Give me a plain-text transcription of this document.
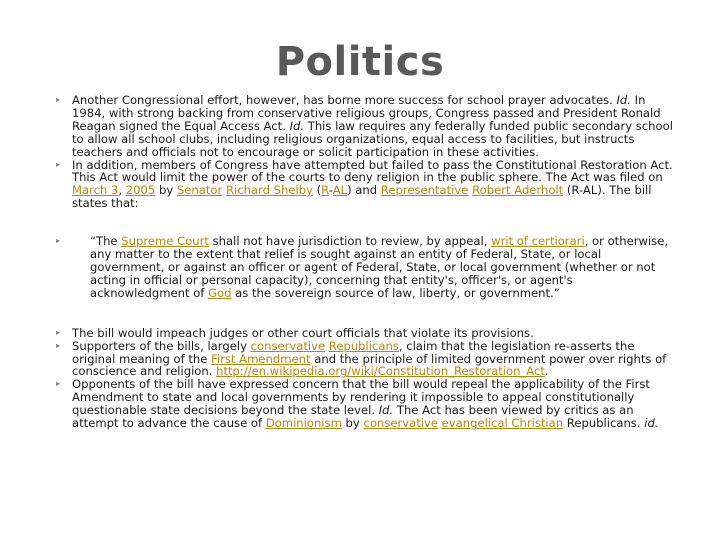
Politics
▸ Another Congressional effort, however, has borne more success for school prayer advocates. Id. In 1984, with strong backing from conservative religious groups, Congress passed and President Ronald Reagan signed the Equal Access Act. Id. This law requires any federally funded public secondary school to allow all school clubs, including religious organizations, equal access to facilities, but instructs teachers and officials not to encourage or solicit participation in these activities.
▸ In addition, members of Congress have attempted but failed to pass the Constitutional Restoration Act. This Act would limit the power of the courts to deny religion in the public sphere. The Act was filed on March 3, 2005 by Senator Richard Shelby (R-AL) and Representative Robert Aderholt (R-AL). The bill states that:
▸ “The Supreme Court shall not have jurisdiction to review, by appeal, writ of certiorari, or otherwise, any matter to the extent that relief is sought against an entity of Federal, State, or local government, or against an officer or agent of Federal, State, or local government (whether or not acting in official or personal capacity), concerning that entity's, officer's, or agent's acknowledgment of God as the sovereign source of law, liberty, or government.”
▸ The bill would impeach judges or other court officials that violate its provisions.
▸ Supporters of the bills, largely conservative Republicans, claim that the legislation re-asserts the original meaning of the First Amendment and the principle of limited government power over rights of conscience and religion. http://en.wikipedia.org/wiki/Constitution_Restoration_Act.
▸ Opponents of the bill have expressed concern that the bill would repeal the applicability of the First Amendment to state and local governments by rendering it impossible to appeal constitutionally questionable state decisions beyond the state level. Id. The Act has been viewed by critics as an attempt to advance the cause of Dominionism by conservative evangelical Christian Republicans. id.
